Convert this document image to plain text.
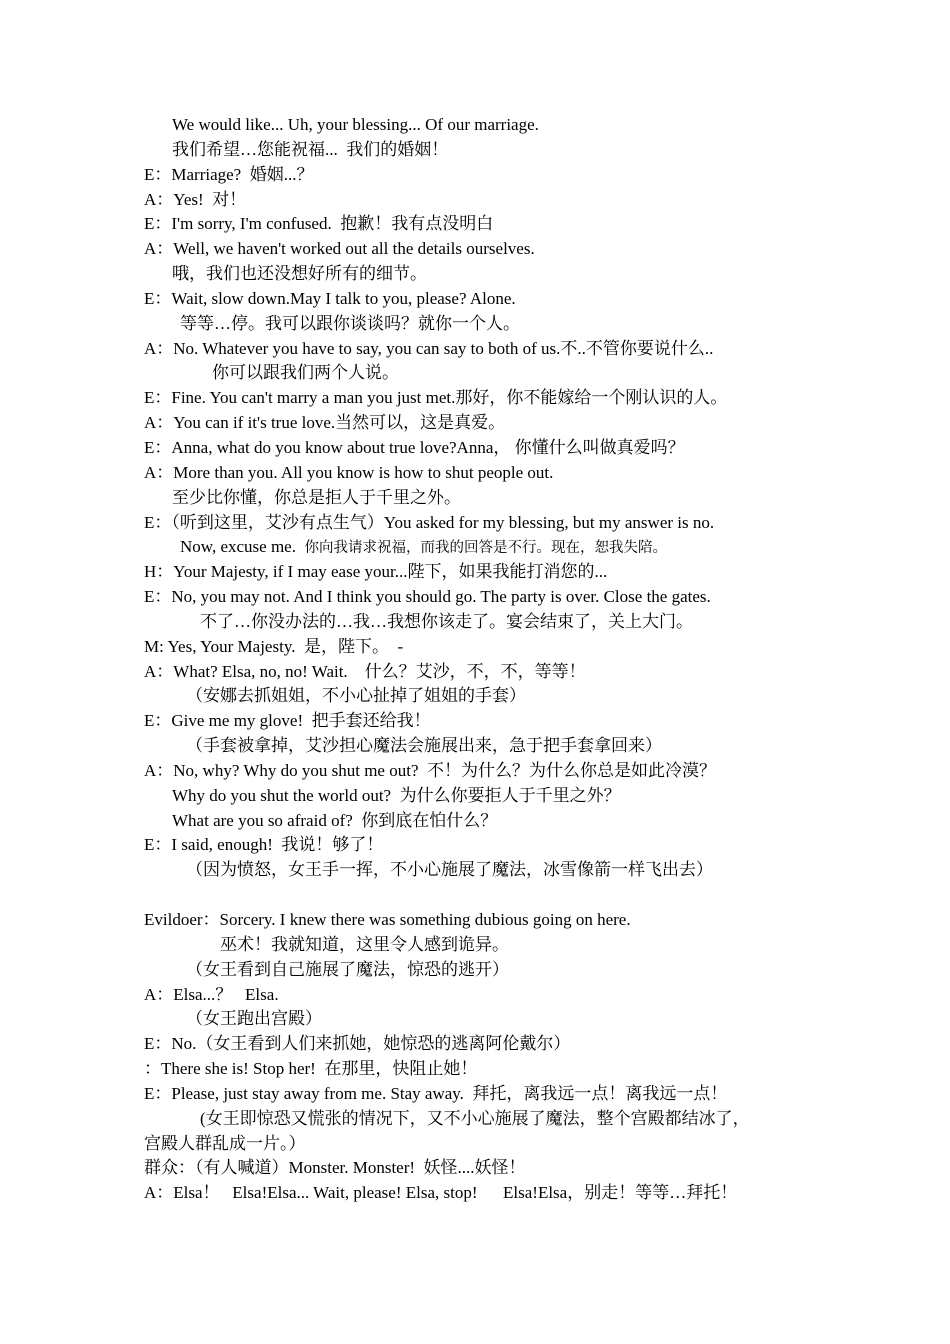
We would like... Uh, your blessing... Of our marriage.
我们希望…您能祝福...  我们的婚姻！
E：Marriage?  婚姻...？
A：Yes!  对！
E：I'm sorry, I'm confused.  抱歉！我有点没明白
A：Well, we haven't worked out all the details ourselves.
哦，我们也还没想好所有的细节。
E：Wait, slow down.May I talk to you, please? Alone.
等等…停。我可以跟你谈谈吗？就你一个人。
A：No. Whatever you have to say, you can say to both of us.不..不管你要说什么..
你可以跟我们两个人说。
E：Fine. You can't marry a man you just met.那好，你不能嫁给一个刚认识的人。
A：You can if it's true love.当然可以，这是真爱。
E：Anna, what do you know about true love?Anna， 你懂什么叫做真爱吗？
A：More than you. All you know is how to shut people out.
至少比你懂，你总是拒人于千里之外。
E：（听到这里，艾沙有点生气）You asked for my blessing, but my answer is no.
Now, excuse me.  你向我请求祝福，而我的回答是不行。现在，恕我失陪。
H：Your Majesty, if I may ease your...陛下，如果我能打消您的...
E：No, you may not. And I think you should go. The party is over. Close the gates.
不了…你没办法的…我…我想你该走了。宴会结束了，关上大门。
M: Yes, Your Majesty.  是，陛下。  -
A：What? Elsa, no, no! Wait.    什么？艾沙，不，不，等等！
（安娜去抓姐姐，不小心扯掉了姐姐的手套）
E：Give me my glove!  把手套还给我！
（手套被拿掉，艾沙担心魔法会施展出来，急于把手套拿回来）
A：No, why? Why do you shut me out?  不！为什么？为什么你总是如此冷漠？
Why do you shut the world out?  为什么你要拒人于千里之外？
What are you so afraid of?  你到底在怕什么？
E：I said, enough!  我说！够了！
（因为愤怒，女王手一挥，不小心施展了魔法，冰雪像箭一样飞出去）
Evildoer：Sorcery. I knew there was something dubious going on here.
巫术！我就知道，这里令人感到诡异。
（女王看到自己施展了魔法，惊恐的逃开）
A：Elsa...？   Elsa.
（女王跑出宫殿）
E：No.（女王看到人们来抓她，她惊恐的逃离阿伦戴尔）
：There she is! Stop her!  在那里，快阻止她！
E：Please, just stay away from me. Stay away.  拜托，离我远一点！离我远一点！
(女王即惊恐又慌张的情况下，又不小心施展了魔法，整个宫殿都结冰了，
宫殿人群乱成一片。）
群众：（有人喊道）Monster. Monster!  妖怪....妖怪！
A：Elsa！   Elsa!Elsa... Wait, please! Elsa, stop!      Elsa!Elsa，别走！等等…拜托！
